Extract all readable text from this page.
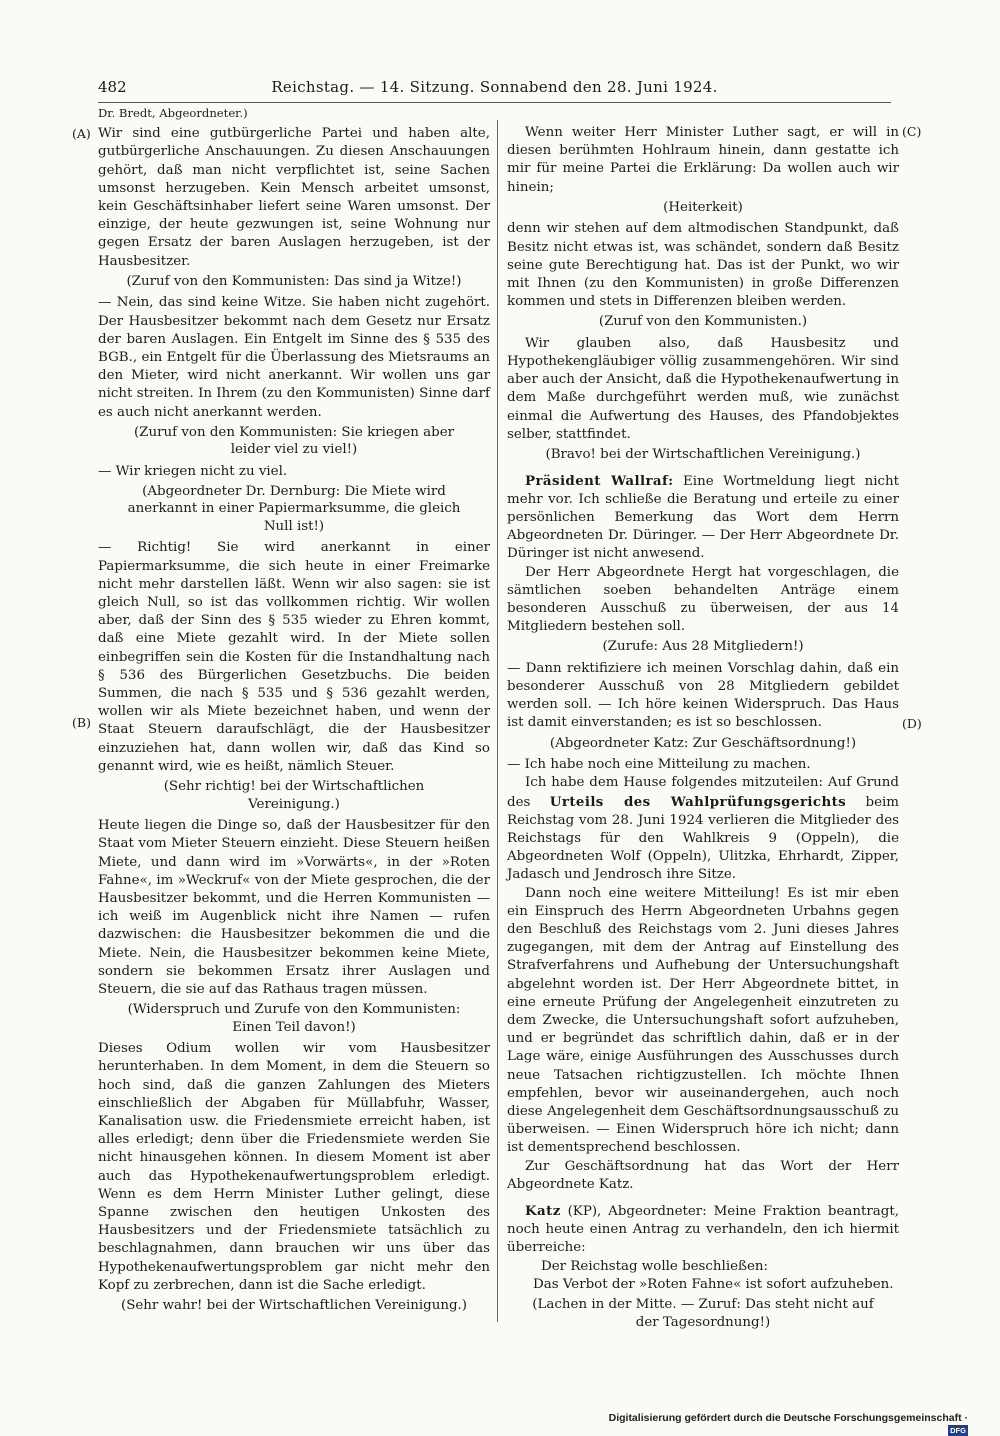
482	Reichstag. — 14. Sitzung. Sonnabend den 28. Juni 1924.
(A)
(B)
(C)
(D)
Dr. Bredt, Abgeordneter.)

Wir sind eine gutbürgerliche Partei und haben alte, gutbürgerliche Anschauungen. Zu diesen Anschauungen gehört, daß man nicht verpflichtet ist, seine Sachen umsonst herzugeben. Kein Mensch arbeitet umsonst, kein Geschäftsinhaber liefert seine Waren umsonst. Der einzige, der heute gezwungen ist, seine Wohnung nur gegen Ersatz der baren Auslagen herzugeben, ist der Hausbesitzer.

(Zuruf von den Kommunisten: Das sind ja Witze!)

— Nein, das sind keine Witze. Sie haben nicht zugehört. Der Hausbesitzer bekommt nach dem Gesetz nur Ersatz der baren Auslagen. Ein Entgelt im Sinne des § 535 des BGB., ein Entgelt für die Überlassung des Mietsraums an den Mieter, wird nicht anerkannt. Wir wollen uns gar nicht streiten. In Ihrem (zu den Kommunisten) Sinne darf es auch nicht anerkannt werden.

(Zuruf von den Kommunisten: Sie kriegen aber leider viel zu viel!)

— Wir kriegen nicht zu viel.

(Abgeordneter Dr. Dernburg: Die Miete wird anerkannt in einer Papiermarksumme, die gleich Null ist!)

— Richtig! Sie wird anerkannt in einer Papiermarksumme, die sich heute in einer Freimarke nicht mehr darstellen läßt. Wenn wir also sagen: sie ist gleich Null, so ist das vollkommen richtig. Wir wollen aber, daß der Sinn des § 535 wieder zu Ehren kommt, daß eine Miete gezahlt wird. In der Miete sollen einbegriffen sein die Kosten für die Instandhaltung nach § 536 des Bürgerlichen Gesetzbuchs. Die beiden Summen, die nach § 535 und § 536 gezahlt werden, wollen wir als Miete bezeichnet haben, und wenn der Staat Steuern daraufschlägt, die der Hausbesitzer einzuziehen hat, dann wollen wir, daß das Kind so genannt wird, wie es heißt, nämlich Steuer.

(Sehr richtig! bei der Wirtschaftlichen Vereinigung.)

Heute liegen die Dinge so, daß der Hausbesitzer für den Staat vom Mieter Steuern einzieht. Diese Steuern heißen Miete, und dann wird im »Vorwärts«, in der »Roten Fahne«, im »Weckruf« von der Miete gesprochen, die der Hausbesitzer bekommt, und die Herren Kommunisten — ich weiß im Augenblick nicht ihre Namen — rufen dazwischen: die Hausbesitzer bekommen die und die Miete. Nein, die Hausbesitzer bekommen keine Miete, sondern sie bekommen Ersatz ihrer Auslagen und Steuern, die sie auf das Rathaus tragen müssen.

(Widerspruch und Zurufe von den Kommunisten: Einen Teil davon!)

Dieses Odium wollen wir vom Hausbesitzer herunterhaben. In dem Moment, in dem die Steuern so hoch sind, daß die ganzen Zahlungen des Mieters einschließlich der Abgaben für Müllabfuhr, Wasser, Kanalisation usw. die Friedensmiete erreicht haben, ist alles erledigt; denn über die Friedensmiete werden Sie nicht hinausgehen können. In diesem Moment ist aber auch das Hypothekenaufwertungsproblem erledigt. Wenn es dem Herrn Minister Luther gelingt, diese Spanne zwischen den heutigen Unkosten des Hausbesitzers und der Friedensmiete tatsächlich zu beschlagnahmen, dann brauchen wir uns über das Hypothekenaufwertungsproblem gar nicht mehr den Kopf zu zerbrechen, dann ist die Sache erledigt.

(Sehr wahr! bei der Wirtschaftlichen Vereinigung.)

Wenn weiter Herr Minister Luther sagt, er will in diesen berühmten Hohlraum hinein, dann gestatte ich mir für meine Partei die Erklärung: Da wollen auch wir hinein;

(Heiterkeit)

denn wir stehen auf dem altmodischen Standpunkt, daß Besitz nicht etwas ist, was schändet, sondern daß Besitz seine gute Berechtigung hat. Das ist der Punkt, wo wir mit Ihnen (zu den Kommunisten) in große Differenzen kommen und stets in Differenzen bleiben werden.

(Zuruf von den Kommunisten.)

Wir glauben also, daß Hausbesitz und Hypothekengläubiger völlig zusammengehören. Wir sind aber auch der Ansicht, daß die Hypothekenaufwertung in dem Maße durchgeführt werden muß, wie zunächst einmal die Aufwertung des Hauses, des Pfandobjektes selber, stattfindet.

(Bravo! bei der Wirtschaftlichen Vereinigung.)

Präsident Wallraf: Eine Wortmeldung liegt nicht mehr vor. Ich schließe die Beratung und erteile zu einer persönlichen Bemerkung das Wort dem Herrn Abgeordneten Dr. Düringer. — Der Herr Abgeordnete Dr. Düringer ist nicht anwesend.

Der Herr Abgeordnete Hergt hat vorgeschlagen, die sämtlichen soeben behandelten Anträge einem besonderen Ausschuß zu überweisen, der aus 14 Mitgliedern bestehen soll.

(Zurufe: Aus 28 Mitgliedern!)

— Dann rektifiziere ich meinen Vorschlag dahin, daß ein besonderer Ausschuß von 28 Mitgliedern gebildet werden soll. — Ich höre keinen Widerspruch. Das Haus ist damit einverstanden; es ist so beschlossen.

(Abgeordneter Katz: Zur Geschäftsordnung!)

— Ich habe noch eine Mitteilung zu machen.

Ich habe dem Hause folgendes mitzuteilen: Auf Grund des Urteils des Wahlprüfungsgerichts beim Reichstag vom 28. Juni 1924 verlieren die Mitglieder des Reichstags für den Wahlkreis 9 (Oppeln), die Abgeordneten Wolf (Oppeln), Ulitzka, Ehrhardt, Zipper, Jadasch und Jendrosch ihre Sitze.

Dann noch eine weitere Mitteilung! Es ist mir eben ein Einspruch des Herrn Abgeordneten Urbahns gegen den Beschluß des Reichstags vom 2. Juni dieses Jahres zugegangen, mit dem der Antrag auf Einstellung des Strafverfahrens und Aufhebung der Untersuchungshaft abgelehnt worden ist. Der Herr Abgeordnete bittet, in eine erneute Prüfung der Angelegenheit einzutreten zu dem Zwecke, die Untersuchungshaft sofort aufzuheben, und er begründet das schriftlich dahin, daß er in der Lage wäre, einige Ausführungen des Ausschusses durch neue Tatsachen richtigzustellen. Ich möchte Ihnen empfehlen, bevor wir auseinandergehen, auch noch diese Angelegenheit dem Geschäftsordnungsausschuß zu überweisen. — Einen Widerspruch höre ich nicht; dann ist dementsprechend beschlossen.

Zur Geschäftsordnung hat das Wort der Herr Abgeordnete Katz.

Katz (KP), Abgeordneter: Meine Fraktion beantragt, noch heute einen Antrag zu verhandeln, den ich hiermit überreiche:

Der Reichstag wolle beschließen:

Das Verbot der »Roten Fahne« ist sofort aufzuheben.

(Lachen in der Mitte. — Zuruf: Das steht nicht auf der Tagesordnung!)

Digitalisierung gefördert durch die Deutsche Forschungsgemeinschaft ·DFG
